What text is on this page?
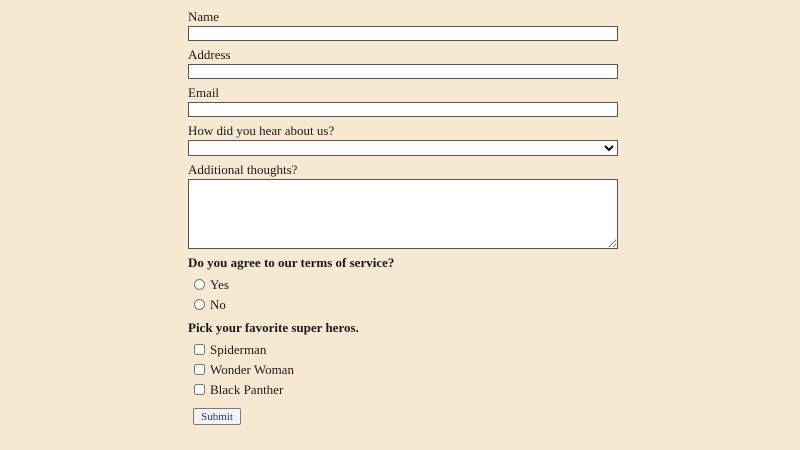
Name
Address
Email
How did you hear about us?
Additional thoughts?
Do you agree to our terms of service?
Yes
No
Pick your favorite super heros.
Spiderman
Wonder Woman
Black Panther
Submit
